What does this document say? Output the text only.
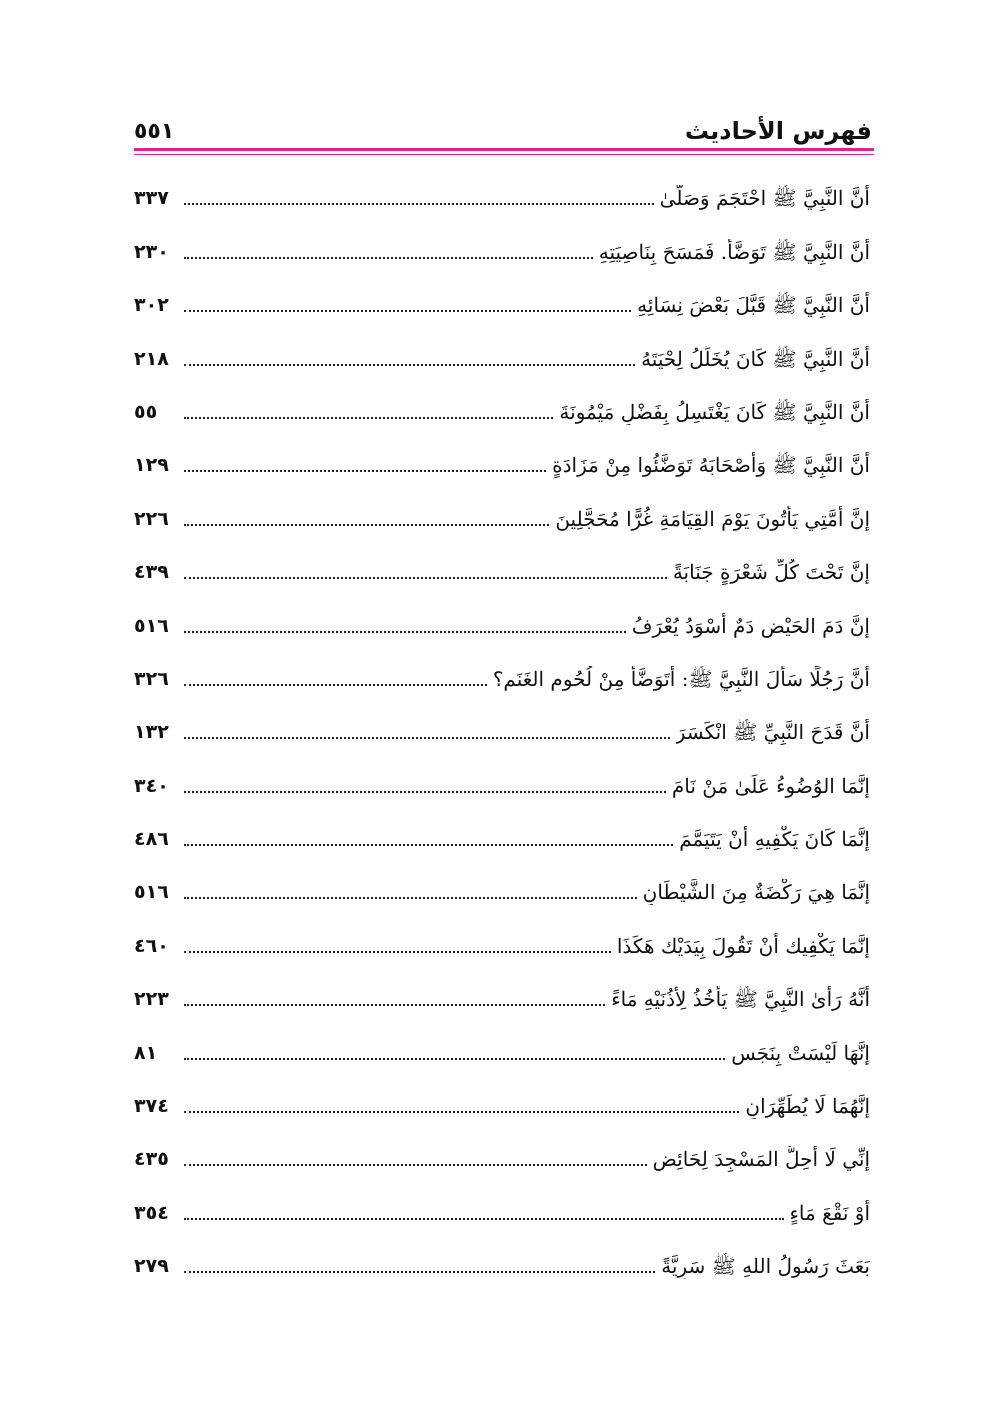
فهرس الأحاديث
٥٥١
أَنَّ النَّبِيَّ ﷺ احْتَجَمَ وَصَلَّىٰ
٣٣٧
أَنَّ النَّبِيَّ ﷺ تَوَضَّأَ. فَمَسَحَ بِنَاصِيَتِهِ
٢٣٠
أَنَّ النَّبِيَّ ﷺ قَبَّلَ بَعْضَ نِسَائِهِ
٣٠٢
أَنَّ النَّبِيَّ ﷺ كَانَ يُخَلِّلُ لِحْيَتَهُ
٢١٨
أَنَّ النَّبِيَّ ﷺ كَانَ يَغْتَسِلُ بِفَضْلِ مَيْمُونَةَ
٥٥
أَنَّ النَّبِيَّ ﷺ وَأَصْحَابَهُ تَوَضَّئُوا مِنْ مَزَادَةٍ
١٢٩
إِنَّ أُمَّتِي يَأْتُونَ يَوْمَ القِيَامَةِ غُرًّا مُحَجَّلِينَ
٢٢٦
إِنَّ تَحْتَ كُلِّ شَعْرَةٍ جَنَابَةً
٤٣٩
إِنَّ دَمَ الحَيْضِ دَمٌ أَسْوَدُ يُعْرَفُ
٥١٦
أَنَّ رَجُلًا سَأَلَ النَّبِيَّ ﷺ: أَتَوَضَّأُ مِنْ لُحُومِ الغَنَمِ؟
٣٢٦
أَنَّ قَدَحَ النَّبِيِّ ﷺ انْكَسَرَ
١٣٢
إِنَّمَا الوُضُوءُ عَلَىٰ مَنْ نَامَ
٣٤٠
إِنَّمَا كَانَ يَكْفِيهِ أَنْ يَتَيَمَّمَ
٤٨٦
إِنَّمَا هِيَ رَكْضَةٌ مِنَ الشَّيْطَانِ
٥١٦
إِنَّمَا يَكْفِيك أَنْ تَقُولَ بِيَدَيْك هَكَذَا
٤٦٠
أَنَّهُ رَأَىٰ النَّبِيَّ ﷺ يَأْخُذُ لِأُذُنَيْهِ مَاءً
٢٢٣
إِنَّهَا لَيْسَتْ بِنَجَسٍ
٨١
إِنَّهُمَا لَا يُطَهِّرَانِ
٣٧٤
إِنِّي لَا أُحِلُّ المَسْجِدَ لِحَائِضٍ
٤٣٥
أَوْ نَقْعَ مَاءٍ
٣٥٤
بَعَثَ رَسُولُ اللهِ ﷺ سَرِيَّةً
٢٧٩
